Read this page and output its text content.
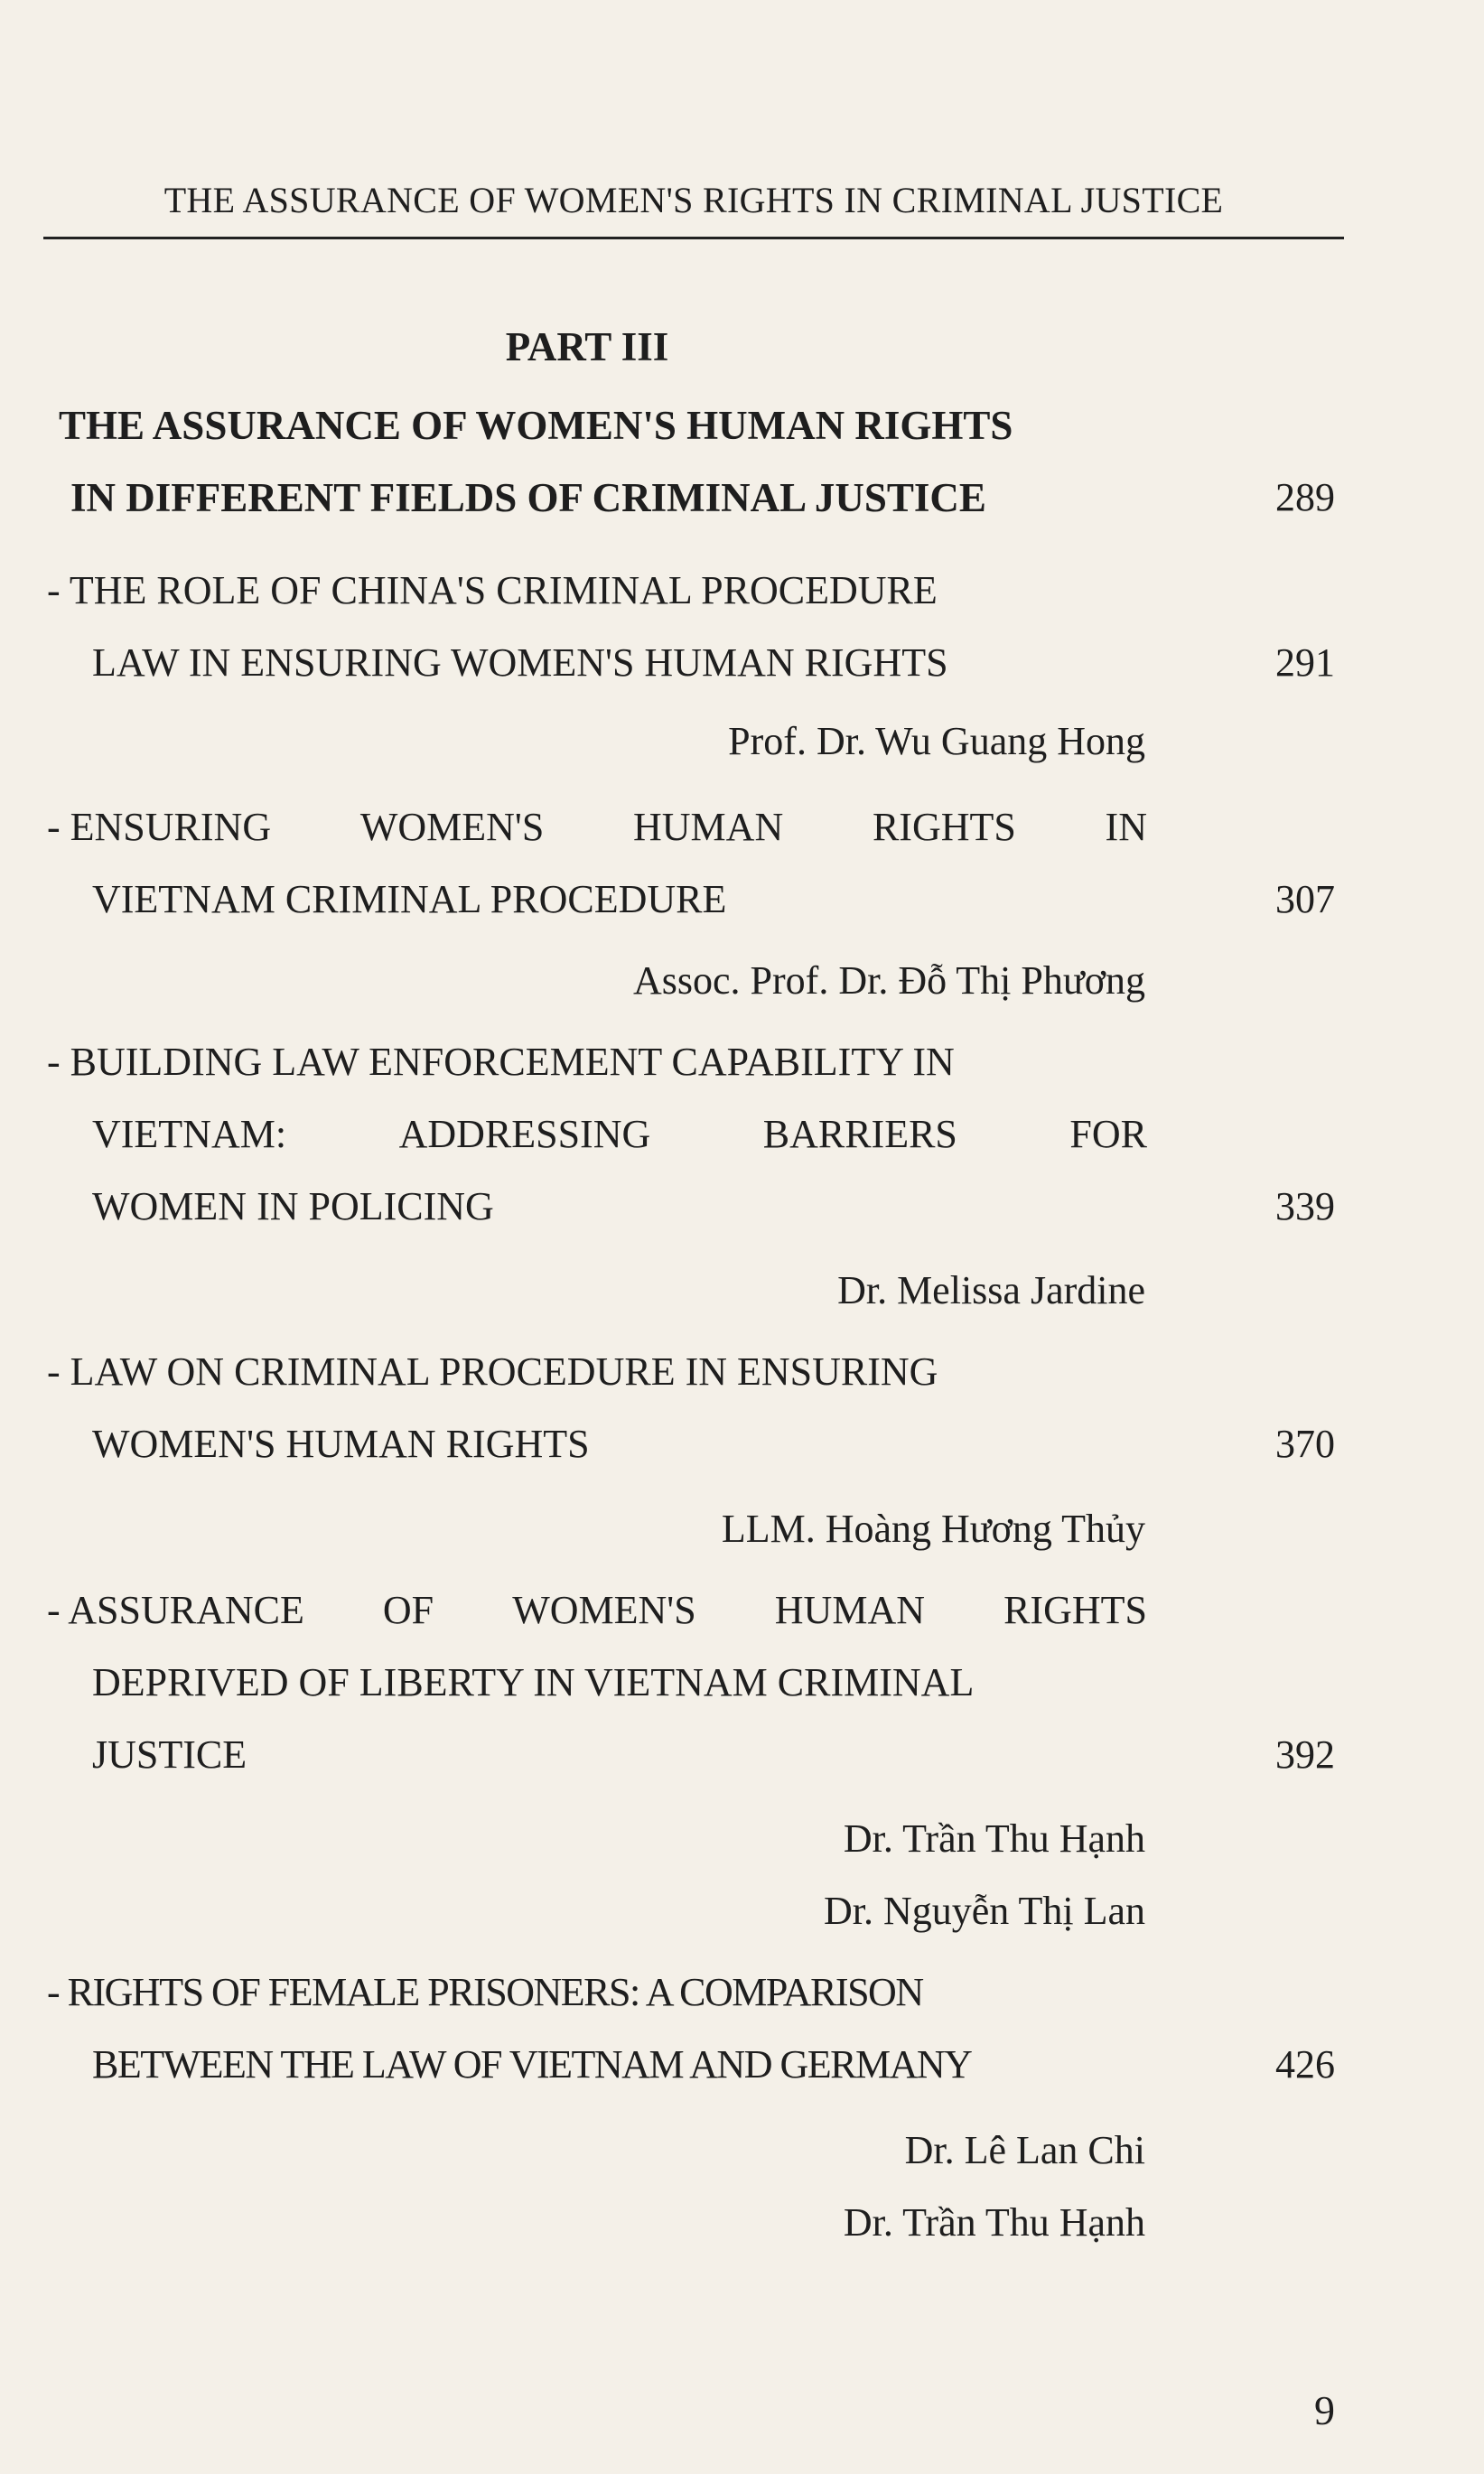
THE ASSURANCE OF WOMEN'S RIGHTS IN CRIMINAL JUSTICE
PART III
THE ASSURANCE OF WOMEN'S HUMAN RIGHTS
IN DIFFERENT FIELDS OF CRIMINAL JUSTICE	289
- THE ROLE OF CHINA'S CRIMINAL PROCEDURE
LAW IN ENSURING WOMEN'S HUMAN RIGHTS	291
Prof. Dr. Wu Guang Hong
- ENSURING WOMEN'S HUMAN RIGHTS IN
VIETNAM CRIMINAL PROCEDURE	307
Assoc. Prof. Dr. Đỗ Thị Phương
- BUILDING LAW ENFORCEMENT CAPABILITY IN
VIETNAM:	ADDRESSING	BARRIERS	FOR
WOMEN IN POLICING	339
Dr. Melissa Jardine
- LAW ON CRIMINAL PROCEDURE IN ENSURING
WOMEN'S HUMAN RIGHTS	370
LLM. Hoàng Hương Thủy
- ASSURANCE OF WOMEN'S HUMAN RIGHTS
DEPRIVED OF LIBERTY IN VIETNAM CRIMINAL
JUSTICE	392
Dr. Trần Thu Hạnh
Dr. Nguyễn Thị Lan
- RIGHTS OF FEMALE PRISONERS: A COMPARISON
BETWEEN THE LAW OF VIETNAM AND GERMANY	426
Dr. Lê Lan Chi
Dr. Trần Thu Hạnh
9
